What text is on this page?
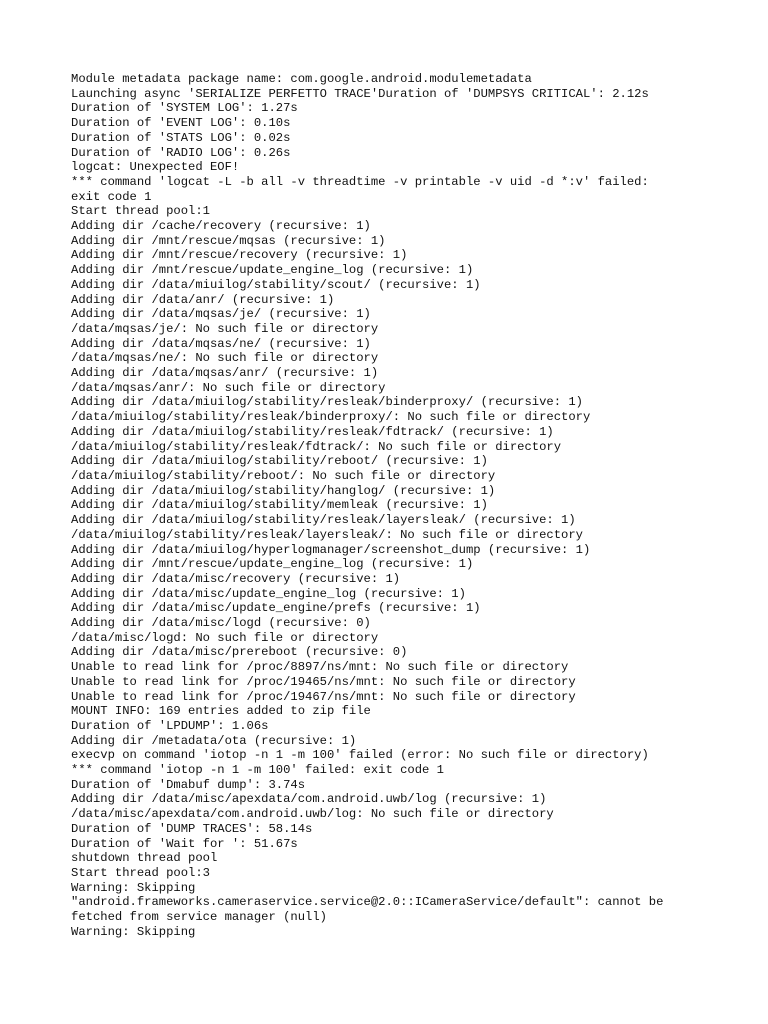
Module metadata package name: com.google.android.modulemetadata
Launching async 'SERIALIZE PERFETTO TRACE'Duration of 'DUMPSYS CRITICAL': 2.12s
Duration of 'SYSTEM LOG': 1.27s
Duration of 'EVENT LOG': 0.10s
Duration of 'STATS LOG': 0.02s
Duration of 'RADIO LOG': 0.26s
logcat: Unexpected EOF!
*** command 'logcat -L -b all -v threadtime -v printable -v uid -d *:v' failed:
exit code 1
Start thread pool:1
Adding dir /cache/recovery (recursive: 1)
Adding dir /mnt/rescue/mqsas (recursive: 1)
Adding dir /mnt/rescue/recovery (recursive: 1)
Adding dir /mnt/rescue/update_engine_log (recursive: 1)
Adding dir /data/miuilog/stability/scout/ (recursive: 1)
Adding dir /data/anr/ (recursive: 1)
Adding dir /data/mqsas/je/ (recursive: 1)
/data/mqsas/je/: No such file or directory
Adding dir /data/mqsas/ne/ (recursive: 1)
/data/mqsas/ne/: No such file or directory
Adding dir /data/mqsas/anr/ (recursive: 1)
/data/mqsas/anr/: No such file or directory
Adding dir /data/miuilog/stability/resleak/binderproxy/ (recursive: 1)
/data/miuilog/stability/resleak/binderproxy/: No such file or directory
Adding dir /data/miuilog/stability/resleak/fdtrack/ (recursive: 1)
/data/miuilog/stability/resleak/fdtrack/: No such file or directory
Adding dir /data/miuilog/stability/reboot/ (recursive: 1)
/data/miuilog/stability/reboot/: No such file or directory
Adding dir /data/miuilog/stability/hanglog/ (recursive: 1)
Adding dir /data/miuilog/stability/memleak (recursive: 1)
Adding dir /data/miuilog/stability/resleak/layersleak/ (recursive: 1)
/data/miuilog/stability/resleak/layersleak/: No such file or directory
Adding dir /data/miuilog/hyperlogmanager/screenshot_dump (recursive: 1)
Adding dir /mnt/rescue/update_engine_log (recursive: 1)
Adding dir /data/misc/recovery (recursive: 1)
Adding dir /data/misc/update_engine_log (recursive: 1)
Adding dir /data/misc/update_engine/prefs (recursive: 1)
Adding dir /data/misc/logd (recursive: 0)
/data/misc/logd: No such file or directory
Adding dir /data/misc/prereboot (recursive: 0)
Unable to read link for /proc/8897/ns/mnt: No such file or directory
Unable to read link for /proc/19465/ns/mnt: No such file or directory
Unable to read link for /proc/19467/ns/mnt: No such file or directory
MOUNT INFO: 169 entries added to zip file
Duration of 'LPDUMP': 1.06s
Adding dir /metadata/ota (recursive: 1)
execvp on command 'iotop -n 1 -m 100' failed (error: No such file or directory)
*** command 'iotop -n 1 -m 100' failed: exit code 1
Duration of 'Dmabuf dump': 3.74s
Adding dir /data/misc/apexdata/com.android.uwb/log (recursive: 1)
/data/misc/apexdata/com.android.uwb/log: No such file or directory
Duration of 'DUMP TRACES': 58.14s
Duration of 'Wait for ': 51.67s
shutdown thread pool
Start thread pool:3
Warning: Skipping
"android.frameworks.cameraservice.service@2.0::ICameraService/default": cannot be
fetched from service manager (null)
Warning: Skipping
